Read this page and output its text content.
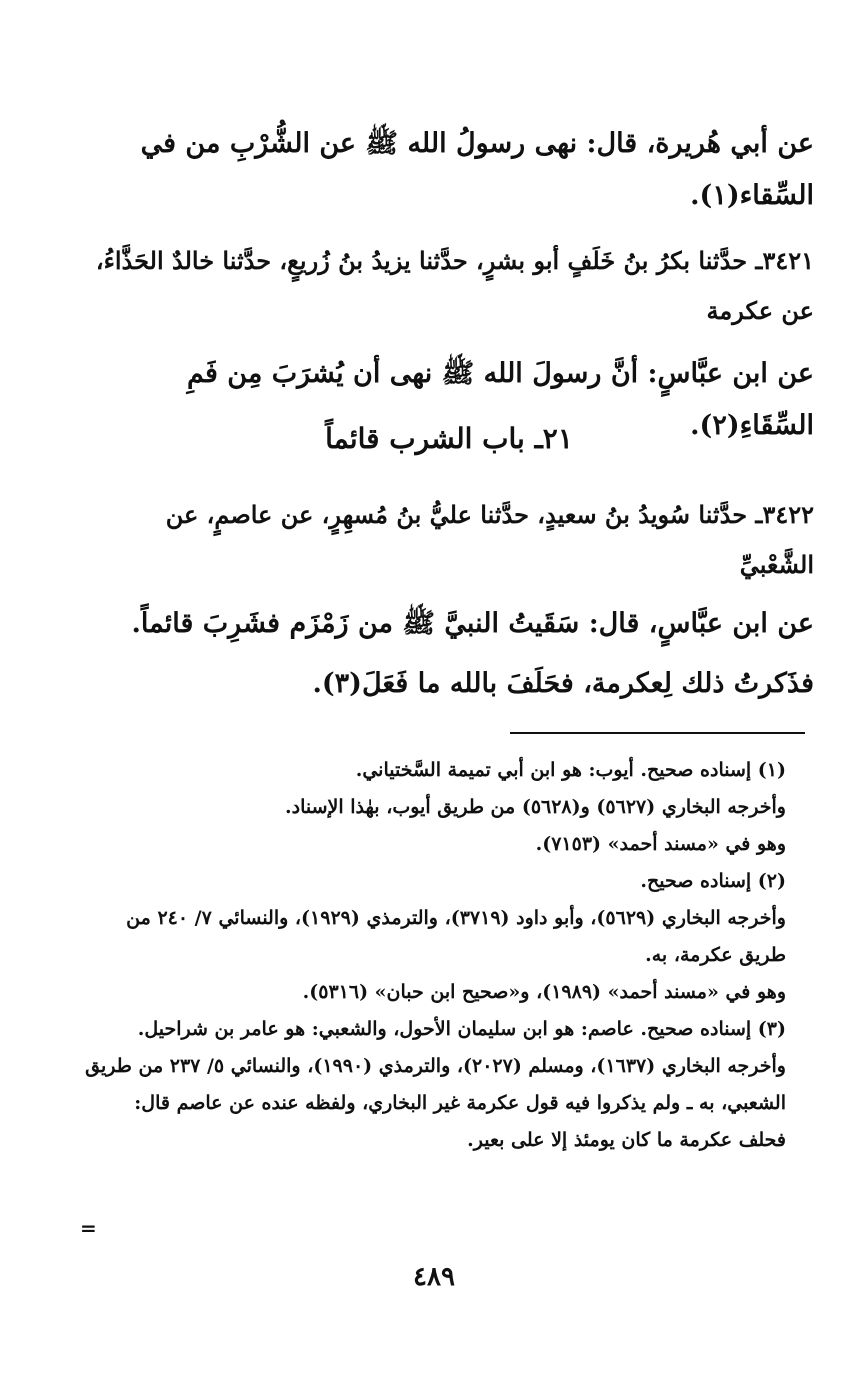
عن أبي هُريرة، قال: نهى رسولُ الله ﷺ عن الشُّرْبِ من في السِّقاء(١).

٣٤٢١ـ حدَّثنا بكرُ بنُ خَلَفٍ أبو بشرٍ، حدَّثنا يزيدُ بنُ زُريعٍ، حدَّثنا خالدٌ الحَذَّاءُ، عن عكرمة

عن ابن عبَّاسٍ: أنَّ رسولَ الله ﷺ نهى أن يُشرَبَ مِن فَمِ السِّقَاءِ(٢).

٢١ـ باب الشرب قائماً

٣٤٢٢ـ حدَّثنا سُويدُ بنُ سعيدٍ، حدَّثنا عليُّ بنُ مُسهِرٍ، عن عاصمٍ، عن الشَّعْبيِّ

عن ابن عبَّاسٍ، قال: سَقَيتُ النبيَّ ﷺ من زَمْزَم فشَرِبَ قائماً.

فذَكرتُ ذلك لِعكرمة، فحَلَفَ بالله ما فَعَلَ(٣).

(١) إسناده صحيح. أيوب: هو ابن أبي تميمة السَّختياني.
وأخرجه البخاري (٥٦٢٧) و(٥٦٢٨) من طريق أيوب، بهٰذا الإسناد.
وهو في «مسند أحمد» (٧١٥٣).
(٢) إسناده صحيح.
وأخرجه البخاري (٥٦٢٩)، وأبو داود (٣٧١٩)، والترمذي (١٩٢٩)، والنسائي ٧/ ٢٤٠ من طريق عكرمة، به.
وهو في «مسند أحمد» (١٩٨٩)، و«صحيح ابن حبان» (٥٣١٦).
(٣) إسناده صحيح. عاصم: هو ابن سليمان الأحول، والشعبي: هو عامر بن شراحيل.
وأخرجه البخاري (١٦٣٧)، ومسلم (٢٠٢٧)، والترمذي (١٩٩٠)، والنسائي ٥/ ٢٣٧ من طريق الشعبي، به ـ ولم يذكروا فيه قول عكرمة غير البخاري، ولفظه عنده عن عاصم قال: فحلف عكرمة ما كان يومئذ إلا على بعير.
=
٤٨٩
